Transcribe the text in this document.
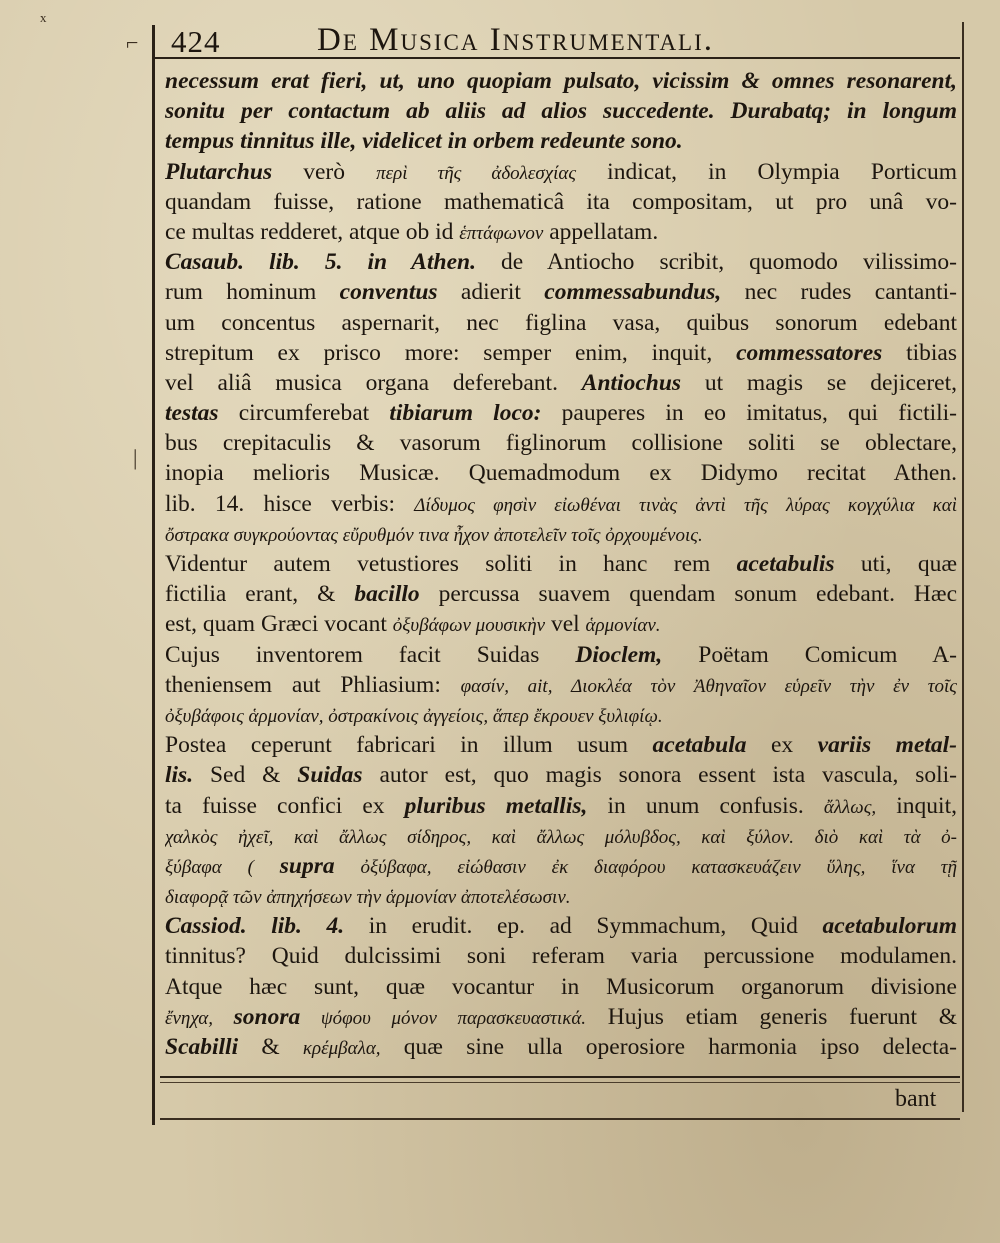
424	De Musica Instrumentali.
necessum erat fieri, ut, uno quopiam pulsato, vicissim & omnes resonarent,
sonitu per contactum ab aliis ad alios succedente. Durabatq; in longum
tempus tinnitus ille, videlicet in orbem redeunte sono.
Plutarchus verò περὶ τῆς ἀδολεσχίας indicat, in Olympia Porticum
quandam fuisse, ratione mathematicâ ita compositam, ut pro unâ vo-
ce multas redderet, atque ob id ἑπτάφωνον appellatam.
Casaub. lib. 5. in Athen. de Antiocho scribit, quomodo vilissimo-
rum hominum conventus adierit commessabundus, nec rudes cantanti-
um concentus aspernarit, nec figlina vasa, quibus sonorum edebant
strepitum ex prisco more: semper enim, inquit, commessatores tibias
vel aliâ musica organa deferebant. Antiochus ut magis se dejiceret,
testas circumferebat tibiarum loco: pauperes in eo imitatus, qui fictili-
bus crepitaculis & vasorum figlinorum collisione soliti se oblectare,
inopia melioris Musicæ. Quemadmodum ex Didymo recitat Athen.
lib. 14. hisce verbis: Δίδυμος φησὶν εἰωθέναι τινὰς ἀντὶ τῆς λύρας κογχύλια καὶ
ὄστρακα συγκρούοντας εὔρυθμόν τινα ἦχον ἀποτελεῖν τοῖς ὀρχουμένοις.
Videntur autem vetustiores soliti in hanc rem acetabulis uti, quæ
fictilia erant, & bacillo percussa suavem quendam sonum edebant. Hæc
est, quam Græci vocant ὀξυβάφων μουσικὴν vel ἁρμονίαν.
Cujus inventorem facit Suidas Dioclem, Poëtam Comicum A-
theniensem aut Phliasium: φασίν, ait, Διοκλέα τὸν Ἀθηναῖον εὑρεῖν τὴν ἐν τοῖς
ὀξυβάφοις ἁρμονίαν, ὀστρακίνοις ἀγγείοις, ἅπερ ἔκρουεν ξυλιφίῳ.
Postea ceperunt fabricari in illum usum acetabula ex variis metal-
lis. Sed & Suidas autor est, quo magis sonora essent ista vascula, soli-
ta fuisse confici ex pluribus metallis, in unum confusis. ἄλλως, inquit,
χαλκὸς ἠχεῖ, καὶ ἄλλως σίδηρος, καὶ ἄλλως μόλυβδος, καὶ ξύλον. διὸ καὶ τὰ ὀ-
ξύβαφα ( supra ὀξύβαφα, εἰώθασιν ἐκ διαφόρου κατασκευάζειν ὕλης, ἵνα τῇ
διαφορᾷ τῶν ἀπηχήσεων τὴν ἁρμονίαν ἀποτελέσωσιν.
Cassiod. lib. 4. in erudit. ep. ad Symmachum, Quid acetabulorum
tinnitus? Quid dulcissimi soni referam varia percussione modulamen.
Atque hæc sunt, quæ vocantur in Musicorum organorum divisione
ἔνηχα, sonora ψόφου μόνον παρασκευαστικά. Hujus etiam generis fuerunt &
Scabilli & κρέμβαλα, quæ sine ulla operosiore harmonia ipso delecta-
bant
ₓ
⌐
|
